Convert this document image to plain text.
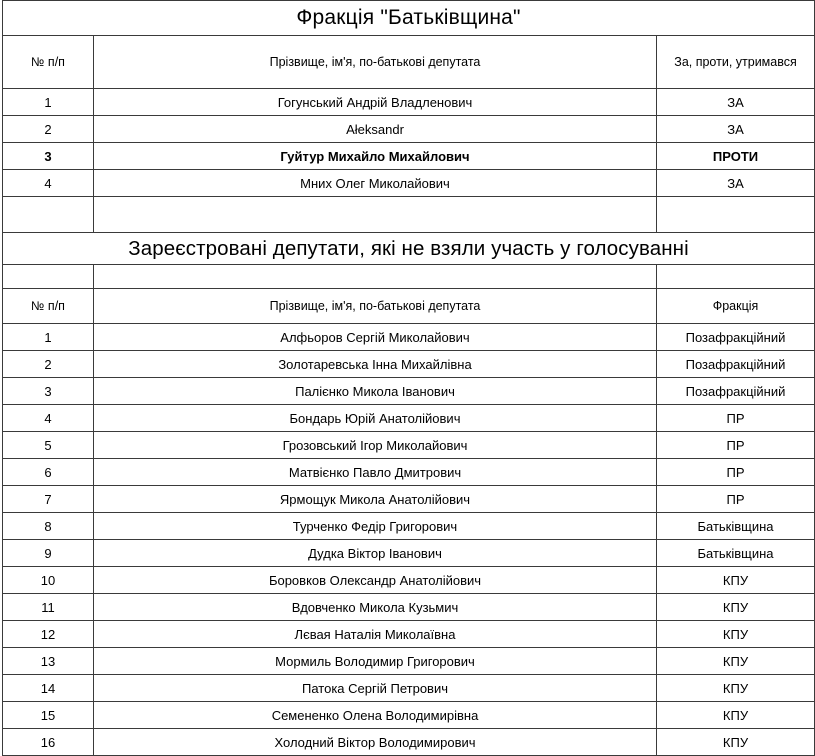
Фракція "Батьківщина"		
№ п/п	Прізвище, ім'я, по-батькові депутата	За, проти, утримався
1	Гогунський Андрій Владленович	ЗА
2	Ałeksandr	ЗА
3	Гуйтур Михайло Михайлович	ПРОТИ
4	Мних Олег Миколайович	ЗА

Зареєстровані депутати, які не взяли участь у голосуванні		

№ п/п	Прізвище, ім'я, по-батькові депутата	Фракція
1	Алфьоров Сергій Миколайович	Позафракційний
2	Золотаревська Інна Михайлівна	Позафракційний
3	Палієнко Микола Іванович	Позафракційний
4	Бондарь Юрій Анатолійович	ПР
5	Грозовський Ігор Миколайович	ПР
6	Матвієнко Павло Дмитрович	ПР
7	Ярмощук Микола Анатолійович	ПР
8	Турченко Федір Григорович	Батьківщина
9	Дудка Віктор Іванович	Батьківщина
10	Боровков Олександр Анатолійович	КПУ
11	Вдовченко Микола Кузьмич	КПУ
12	Лєвая Наталія Миколаївна	КПУ
13	Мормиль Володимир Григорович	КПУ
14	Патока Сергій Петрович	КПУ
15	Семененко Олена Володимирівна	КПУ
16	Холодний Віктор Володимирович	КПУ
